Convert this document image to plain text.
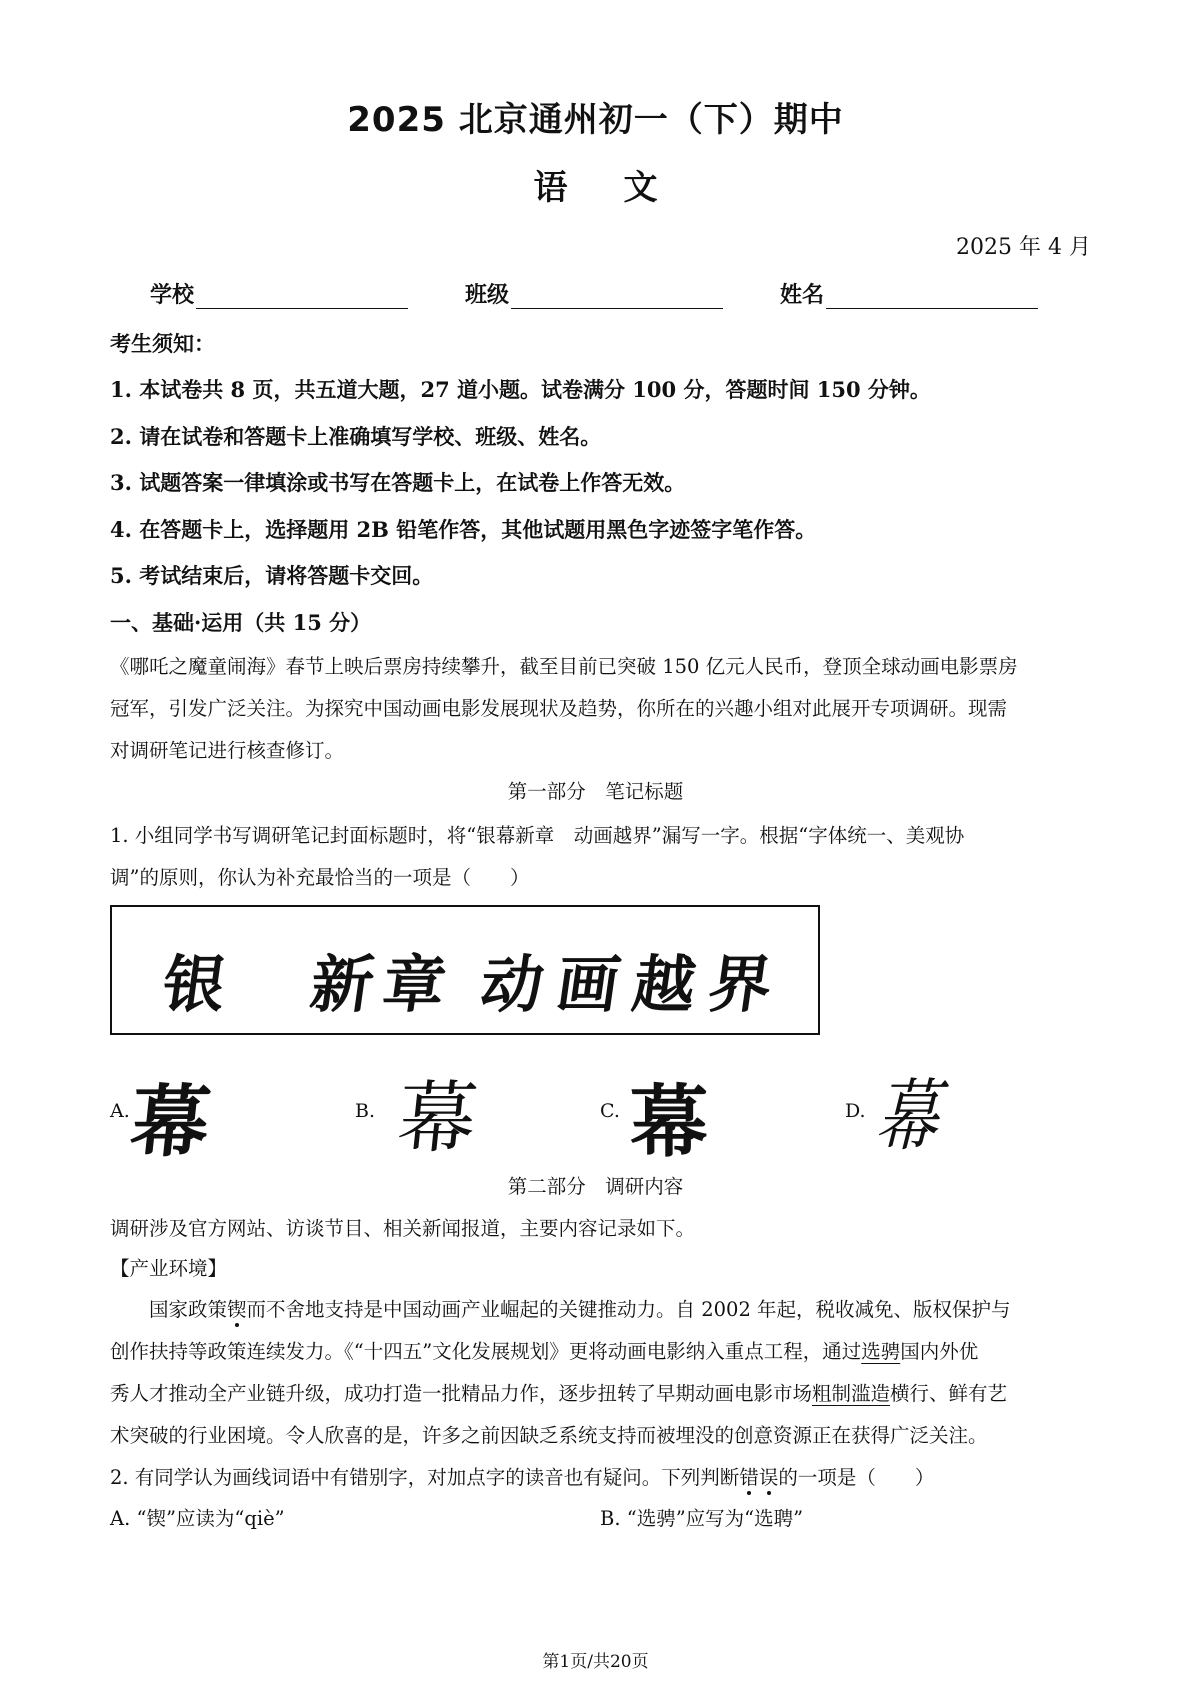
2025 北京通州初一（下）期中
语 文
2025 年 4 月
学校	班级	姓名
考生须知：
1. 本试卷共 8 页，共五道大题，27 道小题。试卷满分 100 分，答题时间 150 分钟。
2. 请在试卷和答题卡上准确填写学校、班级、姓名。
3. 试题答案一律填涂或书写在答题卡上，在试卷上作答无效。
4. 在答题卡上，选择题用 2B 铅笔作答，其他试题用黑色字迹签字笔作答。
5. 考试结束后，请将答题卡交回。
一、基础·运用（共 15 分）

《哪吒之魔童闹海》春节上映后票房持续攀升，截至目前已突破 150 亿元人民币，登顶全球动画电影票房

冠军，引发广泛关注。为探究中国动画电影发展现状及趋势，你所在的兴趣小组对此展开专项调研。现需

对调研笔记进行核查修订。

第一部分　笔记标题

1. 小组同学书写调研笔记封面标题时，将“银幕新章　动画越界”漏写一字。根据“字体统一、美观协

调”的原则，你认为补充最恰当的一项是（　　）

银 新 章 动 画 越 界
A.
幕	B. 幕	C. 幕	D. 幕
第二部分　调研内容
调研涉及官方网站、访谈节目、相关新闻报道，主要内容记录如下。
【产业环境】

国家政策锲而不舍地支持是中国动画产业崛起的关键推动力。自 2002 年起，税收减免、版权保护与

创作扶持等政策连续发力。《“十四五”文化发展规划》更将动画电影纳入重点工程，通过选骋国内外优

秀人才推动全产业链升级，成功打造一批精品力作，逐步扭转了早期动画电影市场粗制滥造横行、鲜有艺

术突破的行业困境。令人欣喜的是，许多之前因缺乏系统支持而被埋没的创意资源正在获得广泛关注。

2. 有同学认为画线词语中有错别字，对加点字的读音也有疑问。下列判断错误的一项是（　　）
A. “锲”应读为“qiè”	B. “选骋”应写为“选聘”
第1页/共20页
